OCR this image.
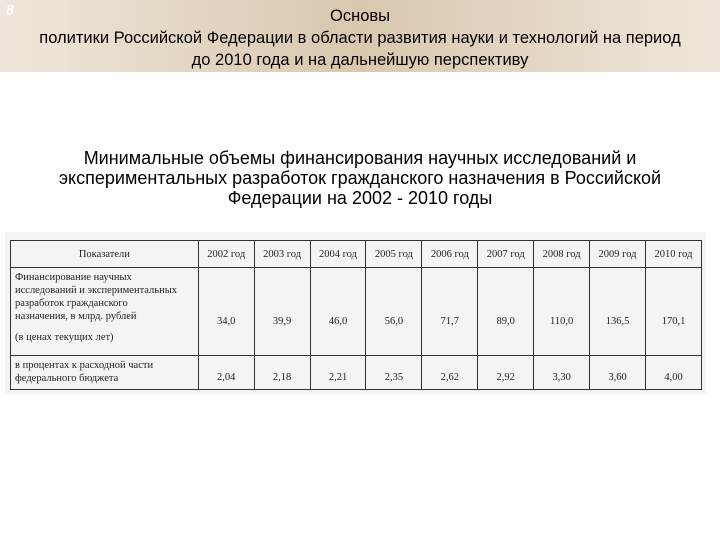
8	Основы
политики Российской Федерации в области развития науки и технологий на период
до 2010 года и на дальнейшую перспективу
Минимальные объемы финансирования научных исследований и
экспериментальных разработок гражданского назначения в Российской
Федерации на 2002 - 2010 годы
Показатели	2002 год	2003 год	2004 год	2005 год	2006 год	2007 год	2008 год	2009 год	2010 год

Финансирование научных
исследований и экспериментальных
разработок гражданского
назначения, в млрд. рублей
(в ценах текущих лет)	34,0	39,9	46,0	56,0	71,7	89,0	110,0	136,5	170,1

в процентах к расходной части
федерального бюджета	2,04	2,18	2,21	2,35	2,62	2,92	3,30	3,60	4,00
